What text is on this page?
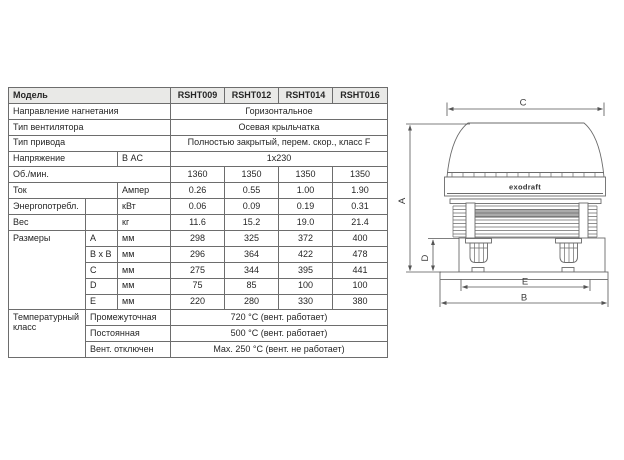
Модель			RSHT009	RSHT012	RSHT014	RSHT016
Направление нагнетания			Горизонтальное			
Тип вентилятора			Осевая крыльчатка			
Тип привода			Полностью закрытый, перем. скор., класс F			
Напряжение		В AC	1x230			
Об./мин.			1360	1350	1350	1350
Ток		Ампер	0.26	0.55	1.00	1.90
Энергопотребл.		кВт	0.06	0.09	0.19	0.31
Вес		кг	11.6	15.2	19.0	21.4
Размеры	A	мм	298	325	372	400
	B x B	мм	296	364	422	478
	C	мм	275	344	395	441
	D	мм	75	85	100	100
	E	мм	220	280	330	380
Температурный класс	Промежуточная		720 °C (вент. работает)			
	Постоянная		500 °C (вент. работает)			
	Вент. отключен		Max. 250 °C (вент. не работает)			
exodraft
C
A
D
E
B
